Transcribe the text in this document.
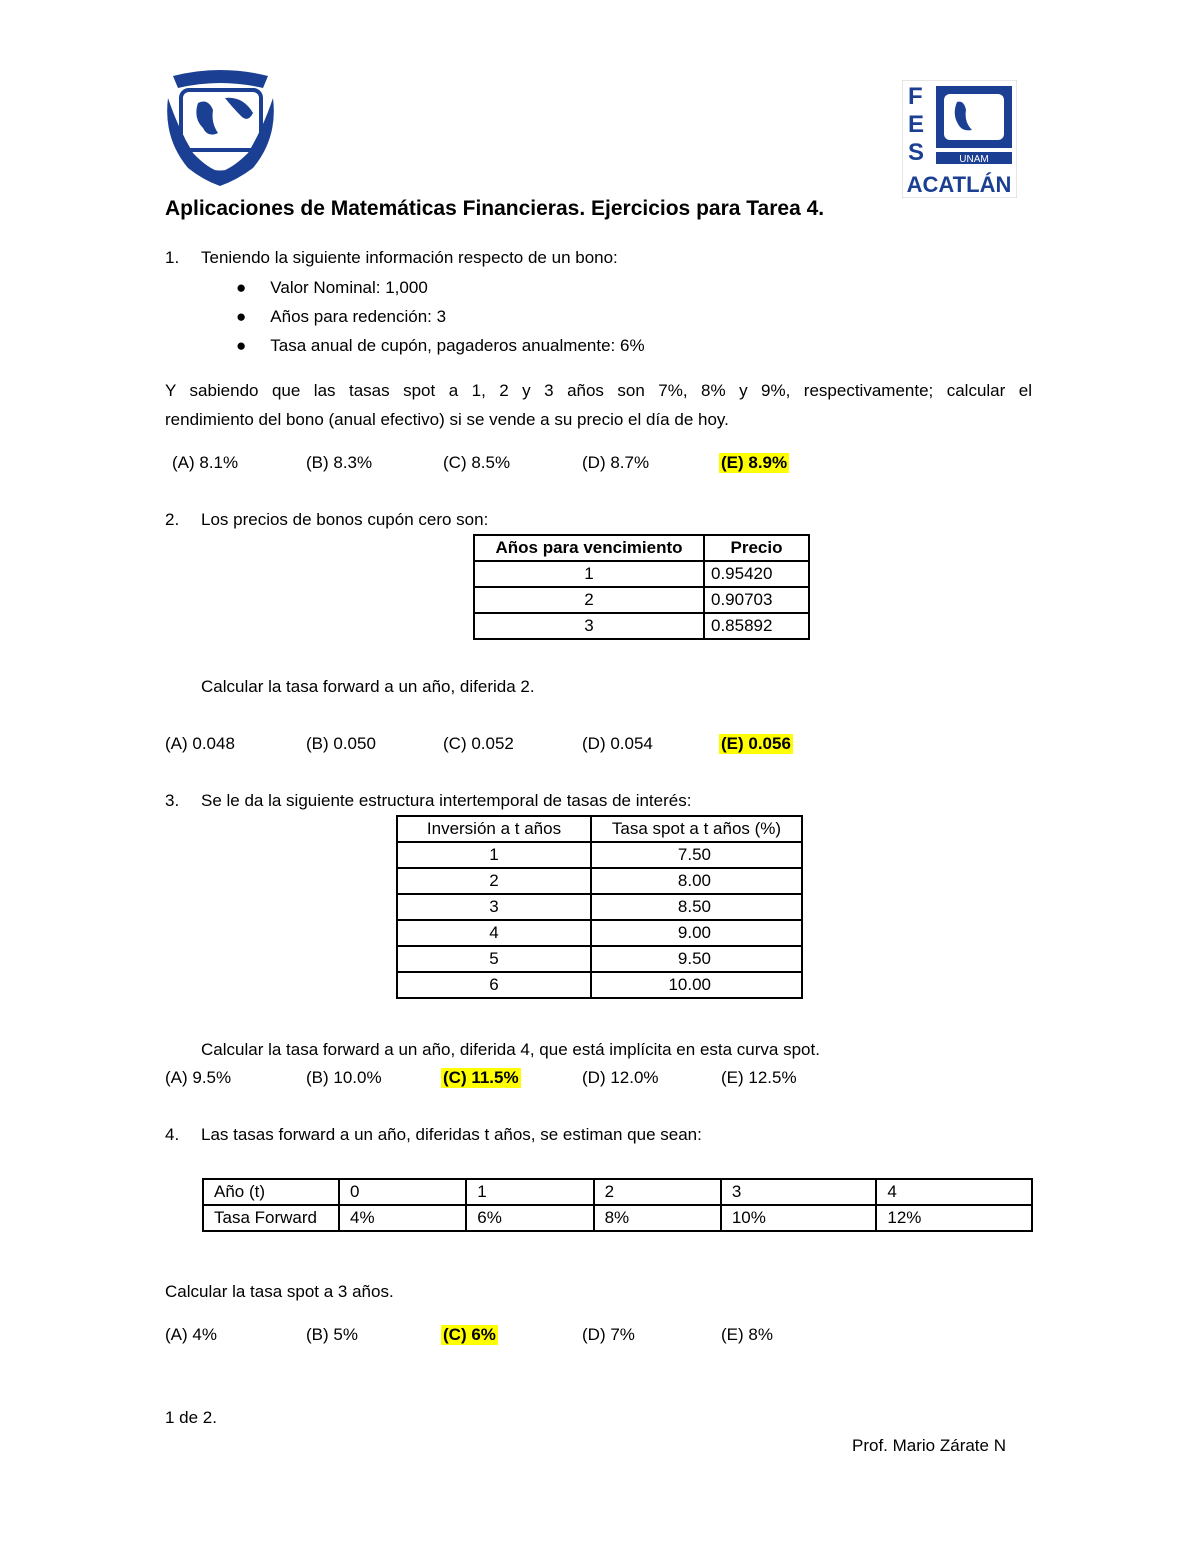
F
E
S	UNAM
ACATLÁN
Aplicaciones de Matemáticas Financieras. Ejercicios para Tarea 4.
1. Teniendo la siguiente información respecto de un bono:
● Valor Nominal: 1,000
● Años para redención: 3
● Tasa anual de cupón, pagaderos anualmente: 6%
Y sabiendo que las tasas spot a 1, 2 y 3 años son 7%, 8% y 9%, respectivamente; calcular el
rendimiento del bono (anual efectivo) si se vende a su precio el día de hoy.
(A) 8.1%	(B) 8.3%	(C) 8.5%	(D) 8.7%	(E) 8.9%
2. Los precios de bonos cupón cero son:
Años para vencimiento	Precio
1	0.95420
2	0.90703
3	0.85892
Calcular la tasa forward a un año, diferida 2.
(A) 0.048	(B) 0.050	(C) 0.052	(D) 0.054	(E) 0.056
3. Se le da la siguiente estructura intertemporal de tasas de interés:
Inversión a t años	Tasa spot a t años (%)
1	7.50
2	8.00
3	8.50
4	9.00
5	9.50
6	10.00
Calcular la tasa forward a un año, diferida 4, que está implícita en esta curva spot.
(A) 9.5%	(B) 10.0%	(C) 11.5%	(D) 12.0%	(E) 12.5%
4. Las tasas forward a un año, diferidas t años, se estiman que sean:
Año (t)	0	1	2	3	4
Tasa Forward	4%	6%	8%	10%	12%
Calcular la tasa spot a 3 años.
(A) 4%	(B) 5%	(C) 6%	(D) 7%	(E) 8%
1 de 2.
Prof. Mario Zárate N
